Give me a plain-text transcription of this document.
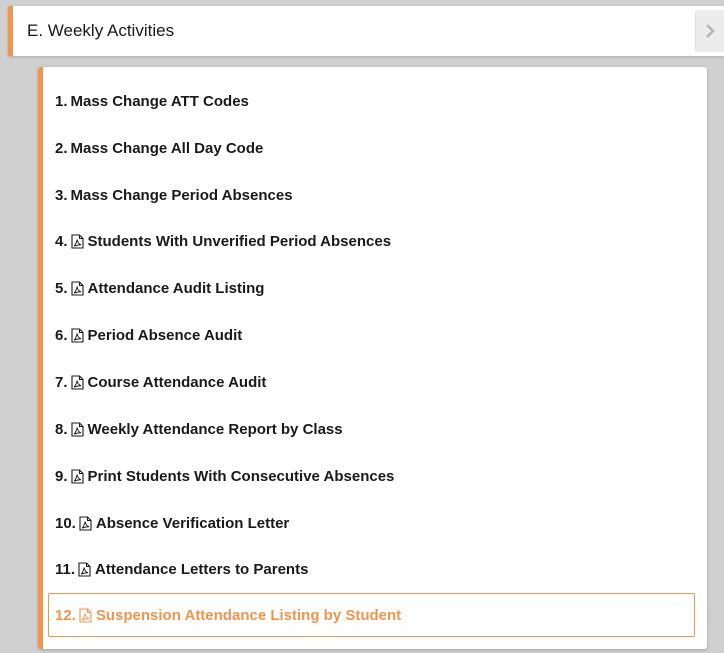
E. Weekly Activities
1. Mass Change ATT Codes
2. Mass Change All Day Code
3. Mass Change Period Absences
4. Students With Unverified Period Absences
5. Attendance Audit Listing
6. Period Absence Audit
7. Course Attendance Audit
8. Weekly Attendance Report by Class
9. Print Students With Consecutive Absences
10. Absence Verification Letter
11. Attendance Letters to Parents
12. Suspension Attendance Listing by Student
